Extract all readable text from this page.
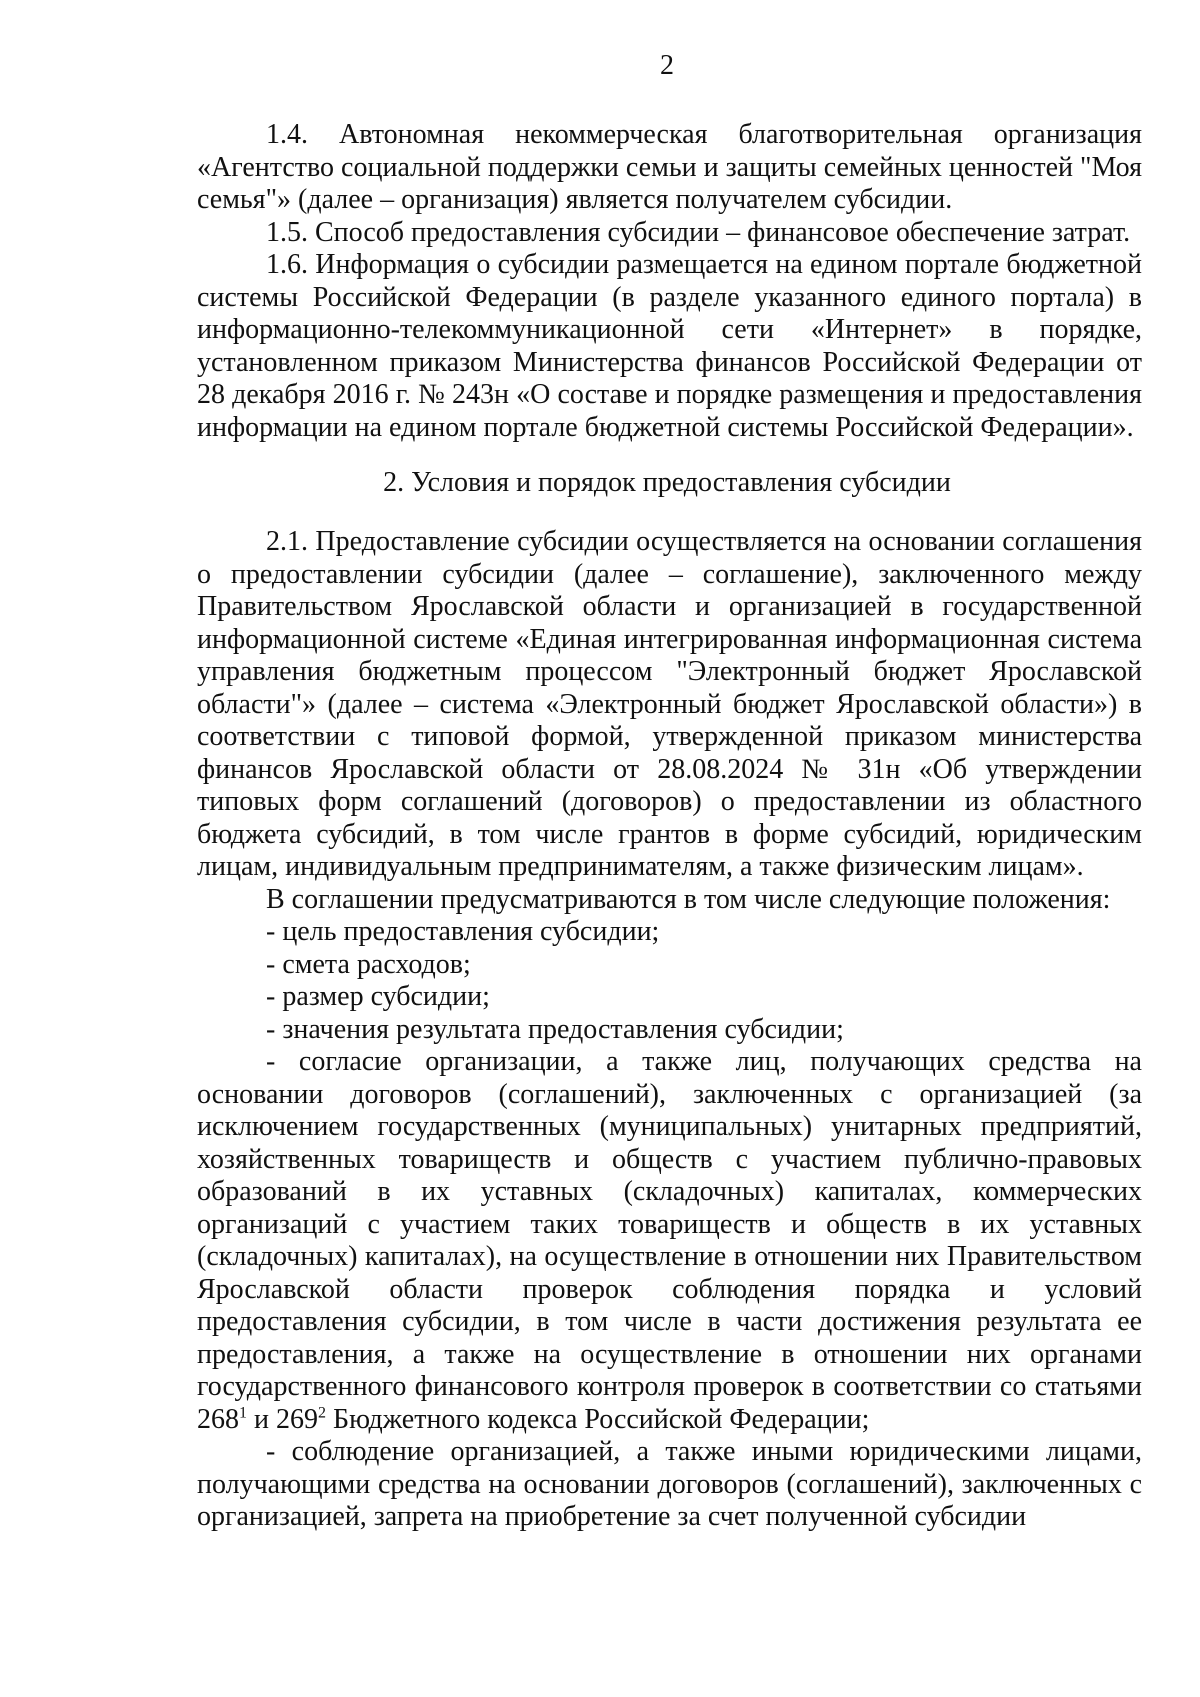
2

1.4. Автономная некоммерческая благотворительная организация «Агентство социальной поддержки семьи и защиты семейных ценностей "Моя семья"» (далее – организация) является получателем субсидии.

1.5. Способ предоставления субсидии – финансовое обеспечение затрат.

1.6. Информация о субсидии размещается на едином портале бюджетной системы Российской Федерации (в разделе указанного единого портала) в информационно-телекоммуникационной сети «Интернет» в порядке, установленном приказом Министерства финансов Российской Федерации от 28 декабря 2016 г. № 243н «О составе и порядке размещения и предоставления информации на едином портале бюджетной системы Российской Федерации».

2. Условия и порядок предоставления субсидии

2.1. Предоставление субсидии осуществляется на основании соглашения о предоставлении субсидии (далее – соглашение), заключенного между Правительством Ярославской области и организацией в государственной информационной системе «Единая интегрированная информационная система управления бюджетным процессом "Электронный бюджет Ярославской области"» (далее – система «Электронный бюджет Ярославской области») в соответствии с типовой формой, утвержденной приказом министерства финансов Ярославской области от 28.08.2024 № 31н «Об утверждении типовых форм соглашений (договоров) о предоставлении из областного бюджета субсидий, в том числе грантов в форме субсидий, юридическим лицам, индивидуальным предпринимателям, а также физическим лицам».

В соглашении предусматриваются в том числе следующие положения:

- цель предоставления субсидии;

- смета расходов;

- размер субсидии;

- значения результата предоставления субсидии;

- согласие организации, а также лиц, получающих средства на основании договоров (соглашений), заключенных с организацией (за исключением государственных (муниципальных) унитарных предприятий, хозяйственных товариществ и обществ с участием публично-правовых образований в их уставных (складочных) капиталах, коммерческих организаций с участием таких товариществ и обществ в их уставных (складочных) капиталах), на осуществление в отношении них Правительством Ярославской области проверок соблюдения порядка и условий предоставления субсидии, в том числе в части достижения результата ее предоставления, а также на осуществление в отношении них органами государственного финансового контроля проверок в соответствии со статьями $268^1$ и $269^2$ Бюджетного кодекса Российской Федерации;

- соблюдение организацией, а также иными юридическими лицами, получающими средства на основании договоров (соглашений), заключенных с организацией, запрета на приобретение за счет полученной субсидии
